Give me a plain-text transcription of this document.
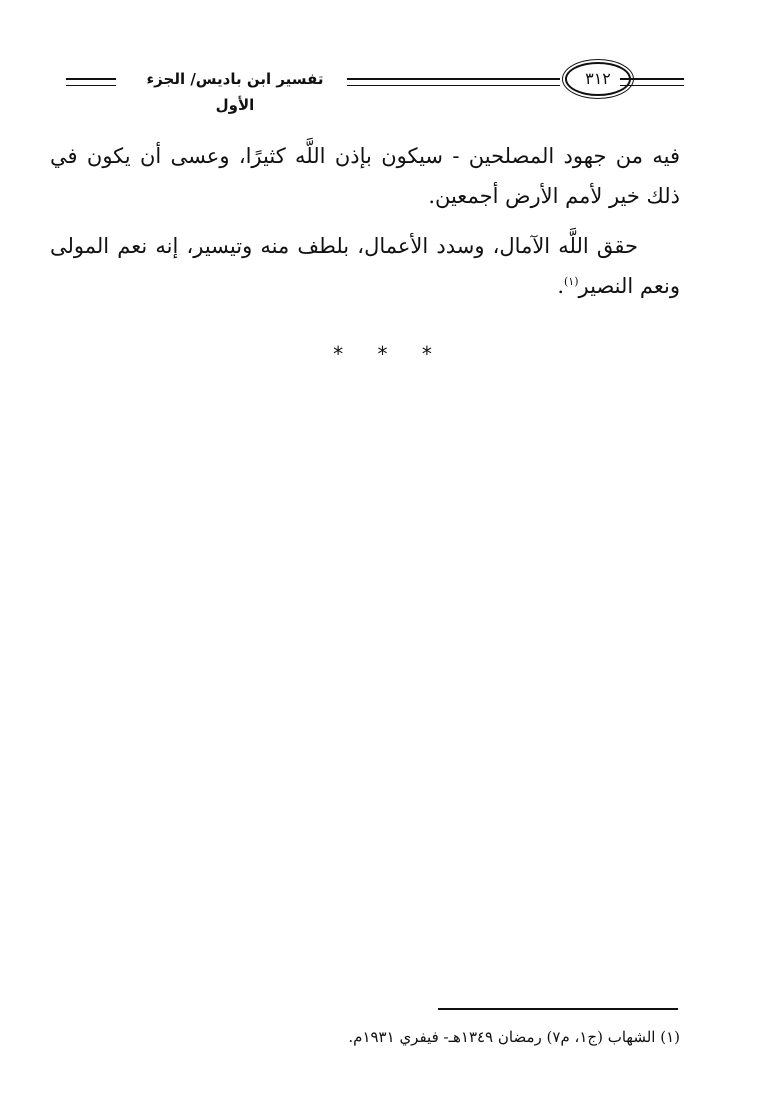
تفسير ابن باديس/ الجزء الأول
٣١٢

فيه من جهود المصلحين - سيكون بإذن اللَّه كثيرًا، وعسى أن يكون في ذلك خير لأمم الأرض أجمعين.

حقق اللَّه الآمال، وسدد الأعمال، بلطف منه وتيسير، إنه نعم المولى ونعم النصير$^{(١)}$.

* * *
(١) الشهاب (ج١، م٧) رمضان ١٣٤٩هـ- فيفري ١٩٣١م.
